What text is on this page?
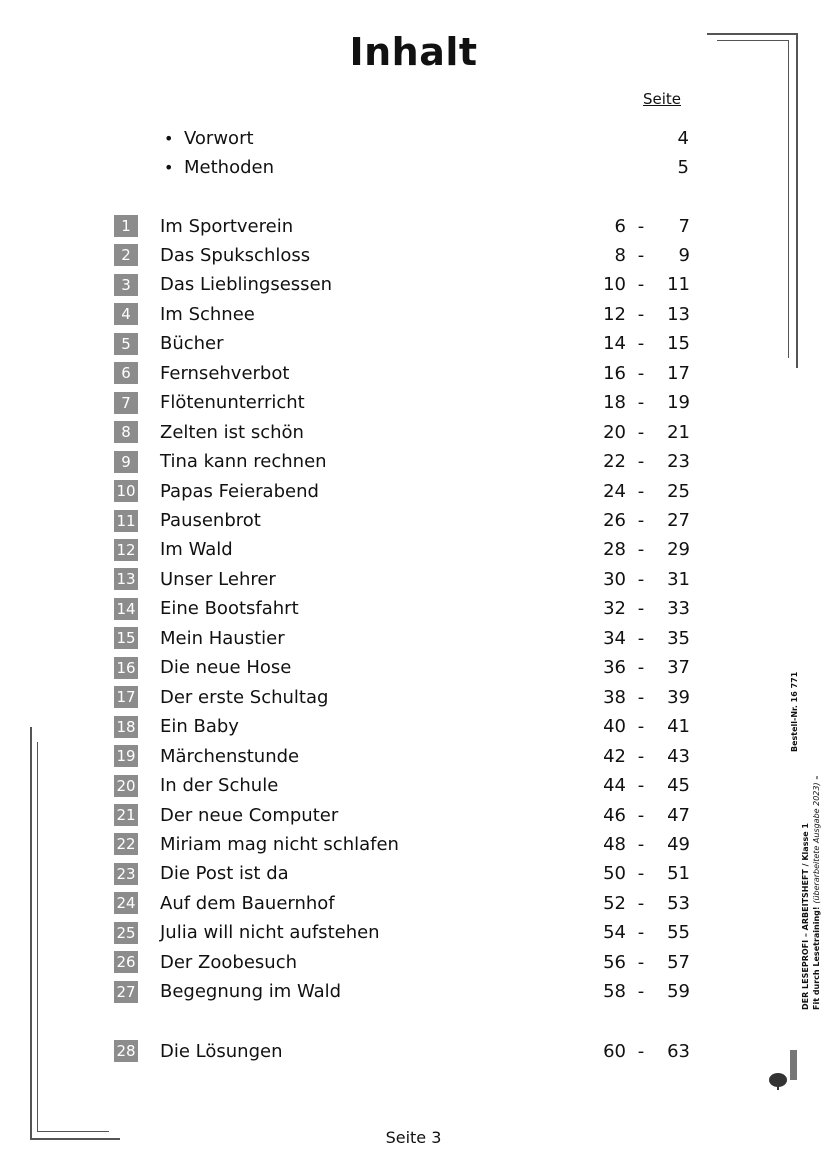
Inhalt
Seite
• Vorwort	4
• Methoden	5
1	Im Sportverein	6 -	7
2	Das Spukschloss	8 -	9
3	Das Lieblingsessen	10 -	11
4	Im Schnee	12 -	13
5	Bücher	14 -	15
6	Fernsehverbot	16 -	17
7	Flötenunterricht	18 -	19
8	Zelten ist schön	20 -	21
9	Tina kann rechnen	22 -	23
10 Papas Feierabend	24 -	25
11 Pausenbrot	26 -	27
12 Im Wald	28 -	29
13 Unser Lehrer	30 -	31
14 Eine Bootsfahrt	32 -	33
15 Mein Haustier	34 -	35
16 Die neue Hose	36 -	37
17 Der erste Schultag	38 -	39
18 Ein Baby	40 -	41
19 Märchenstunde	42 -	43
20 In der Schule	44 -	45
21 Der neue Computer	46 -	47
22 Miriam mag nicht schlafen	48 -	49
23 Die Post ist da	50 -	51
24 Auf dem Bauernhof	52 -	53
25 Julia will nicht aufstehen	54 -	55
26 Der Zoobesuch	56 -	57
27 Begegnung im Wald	58 -	59
28 Die Lösungen	60 -	63
Bestell-Nr. 16 771
DER LESEPROFI – ARBEITSHEFT / Klasse 1 Fit durch Lesetraining! (überarbeitete Ausgabe 2023) –
Seite 3
